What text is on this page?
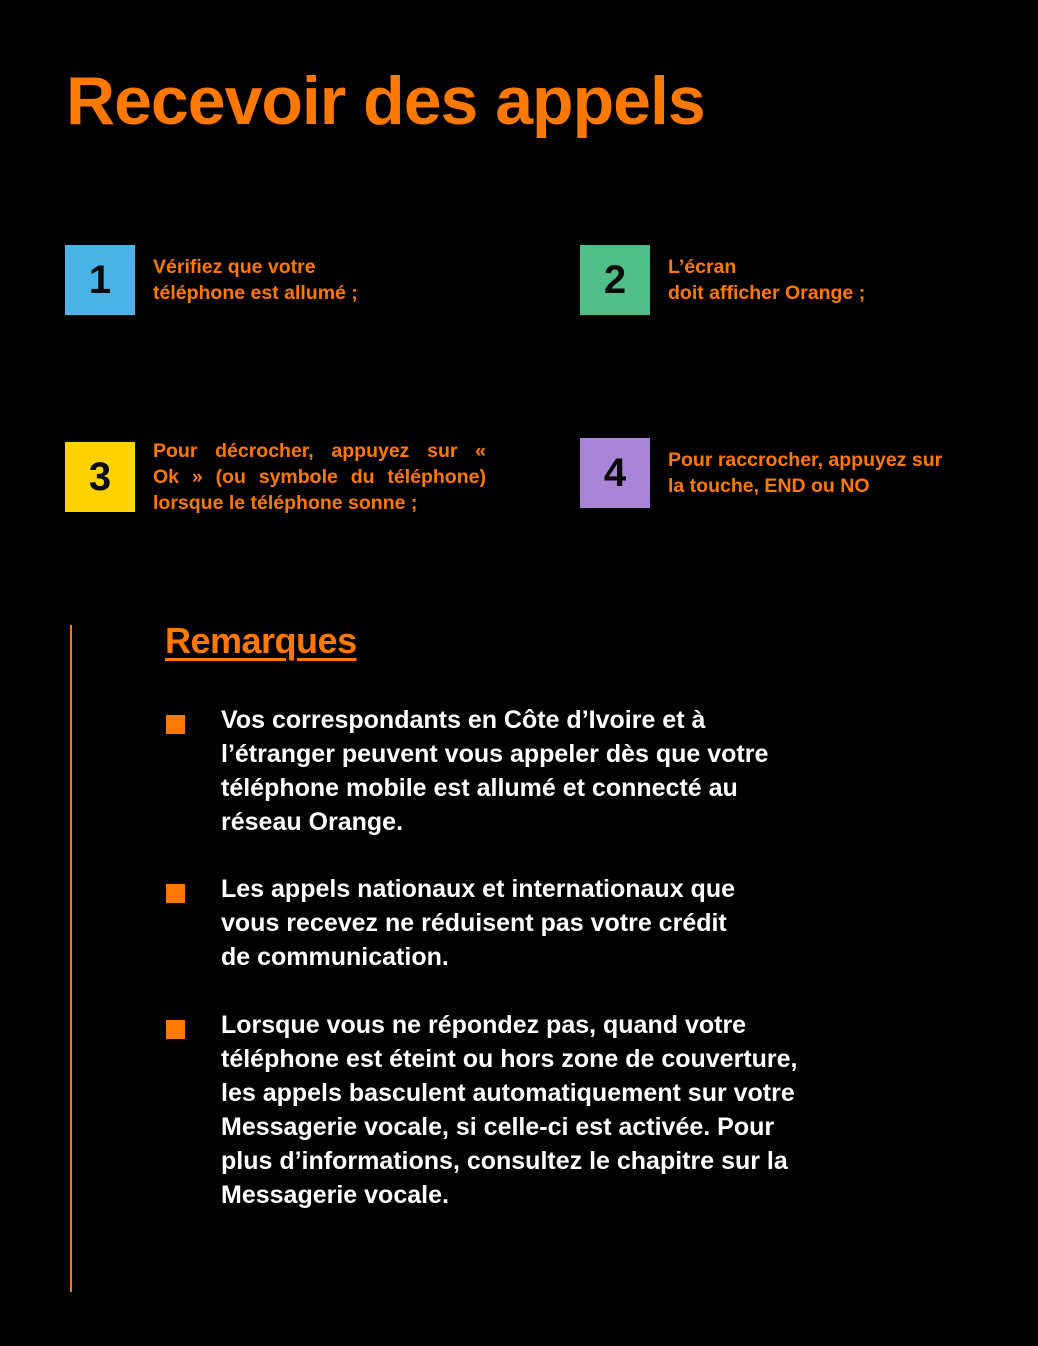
Recevoir des appels
1	Vérifiez que votre
téléphone est allumé ;	2	L’écran
doit afficher Orange ;
3
Pour décrocher, appuyez sur «
Ok » (ou symbole du téléphone)
lorsque le téléphone sonne ;
4	Pour raccrocher, appuyez sur
la touche, END ou NO
Remarques
Vos correspondants en Côte d’Ivoire et à
l’étranger peuvent vous appeler dès que votre
téléphone mobile est allumé et connecté au
réseau Orange.
Les appels nationaux et internationaux que
vous recevez ne réduisent pas votre crédit
de communication.
Lorsque vous ne répondez pas, quand votre
téléphone est éteint ou hors zone de couverture,
les appels basculent automatiquement sur votre
Messagerie vocale, si celle-ci est activée. Pour
plus d’informations, consultez le chapitre sur la
Messagerie vocale.
